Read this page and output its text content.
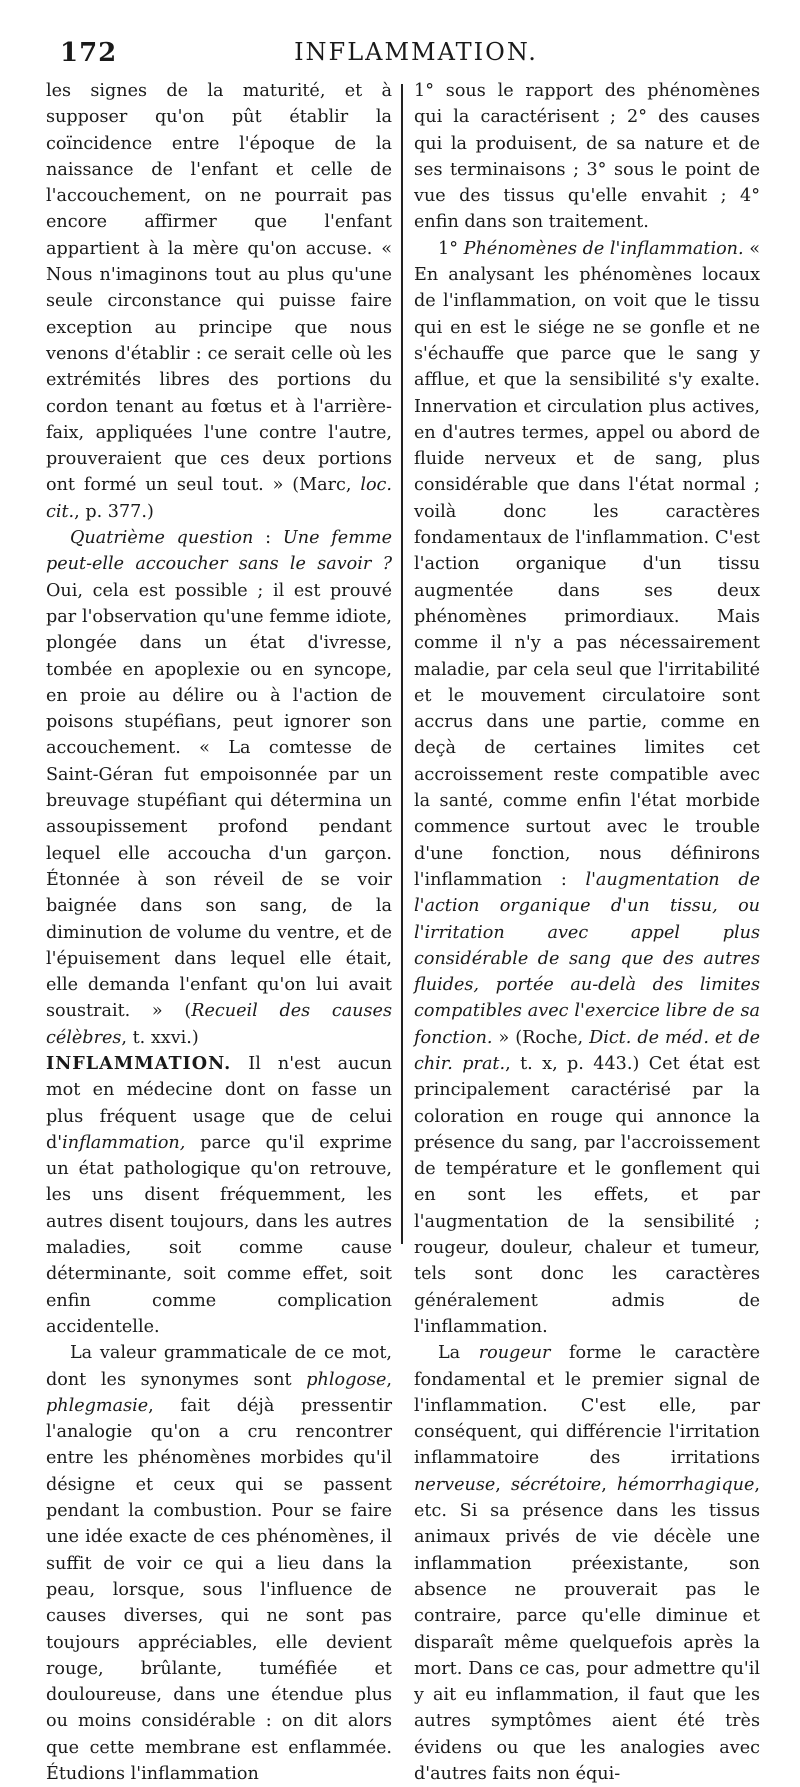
172	INFLAMMATION.

les signes de la maturité, et à supposer qu'on pût établir la coïncidence entre l'époque de la naissance de l'enfant et celle de l'accouchement, on ne pourrait pas encore affirmer que l'enfant appartient à la mère qu'on accuse. « Nous n'imaginons tout au plus qu'une seule circonstance qui puisse faire exception au principe que nous venons d'établir : ce serait celle où les extrémités libres des portions du cordon tenant au fœtus et à l'arrière-faix, appliquées l'une contre l'autre, prouveraient que ces deux portions ont formé un seul tout. » (Marc, loc. cit., p. 377.)

Quatrième question : Une femme peut-elle accoucher sans le savoir ? Oui, cela est possible ; il est prouvé par l'observation qu'une femme idiote, plongée dans un état d'ivresse, tombée en apoplexie ou en syncope, en proie au délire ou à l'action de poisons stupéfians, peut ignorer son accouchement. « La comtesse de Saint-Géran fut empoisonnée par un breuvage stupéfiant qui détermina un assoupissement profond pendant lequel elle accoucha d'un garçon. Étonnée à son réveil de se voir baignée dans son sang, de la diminution de volume du ventre, et de l'épuisement dans lequel elle était, elle demanda l'enfant qu'on lui avait soustrait. » (Recueil des causes célèbres, t. xxvi.)

INFLAMMATION. Il n'est aucun mot en médecine dont on fasse un plus fréquent usage que de celui d'inflammation, parce qu'il exprime un état pathologique qu'on retrouve, les uns disent fréquemment, les autres disent toujours, dans les autres maladies, soit comme cause déterminante, soit comme effet, soit enfin comme complication accidentelle.

La valeur grammaticale de ce mot, dont les synonymes sont phlogose, phlegmasie, fait déjà pressentir l'analogie qu'on a cru rencontrer entre les phénomènes morbides qu'il désigne et ceux qui se passent pendant la combustion. Pour se faire une idée exacte de ces phénomènes, il suffit de voir ce qui a lieu dans la peau, lorsque, sous l'influence de causes diverses, qui ne sont pas toujours appréciables, elle devient rouge, brûlante, tuméfiée et douloureuse, dans une étendue plus ou moins considérable : on dit alors que cette membrane est enflammée. Étudions l'inflammation

1° sous le rapport des phénomènes qui la caractérisent ; 2° des causes qui la produisent, de sa nature et de ses terminaisons ; 3° sous le point de vue des tissus qu'elle envahit ; 4° enfin dans son traitement.

1° Phénomènes de l'inflammation. « En analysant les phénomènes locaux de l'inflammation, on voit que le tissu qui en est le siége ne se gonfle et ne s'échauffe que parce que le sang y afflue, et que la sensibilité s'y exalte. Innervation et circulation plus actives, en d'autres termes, appel ou abord de fluide nerveux et de sang, plus considérable que dans l'état normal ; voilà donc les caractères fondamentaux de l'inflammation. C'est l'action organique d'un tissu augmentée dans ses deux phénomènes primordiaux. Mais comme il n'y a pas nécessairement maladie, par cela seul que l'irritabilité et le mouvement circulatoire sont accrus dans une partie, comme en deçà de certaines limites cet accroissement reste compatible avec la santé, comme enfin l'état morbide commence surtout avec le trouble d'une fonction, nous définirons l'inflammation : l'augmentation de l'action organique d'un tissu, ou l'irritation avec appel plus considérable de sang que des autres fluides, portée au-delà des limites compatibles avec l'exercice libre de sa fonction. » (Roche, Dict. de méd. et de chir. prat., t. x, p. 443.) Cet état est principalement caractérisé par la coloration en rouge qui annonce la présence du sang, par l'accroissement de température et le gonflement qui en sont les effets, et par l'augmentation de la sensibilité ; rougeur, douleur, chaleur et tumeur, tels sont donc les caractères généralement admis de l'inflammation.

La rougeur forme le caractère fondamental et le premier signal de l'inflammation. C'est elle, par conséquent, qui différencie l'irritation inflammatoire des irritations nerveuse, sécrétoire, hémorrhagique, etc. Si sa présence dans les tissus animaux privés de vie décèle une inflammation préexistante, son absence ne prouverait pas le contraire, parce qu'elle diminue et disparaît même quelquefois après la mort. Dans ce cas, pour admettre qu'il y ait eu inflammation, il faut que les autres symptômes aient été très évidens ou que les analogies avec d'autres faits non équi-
